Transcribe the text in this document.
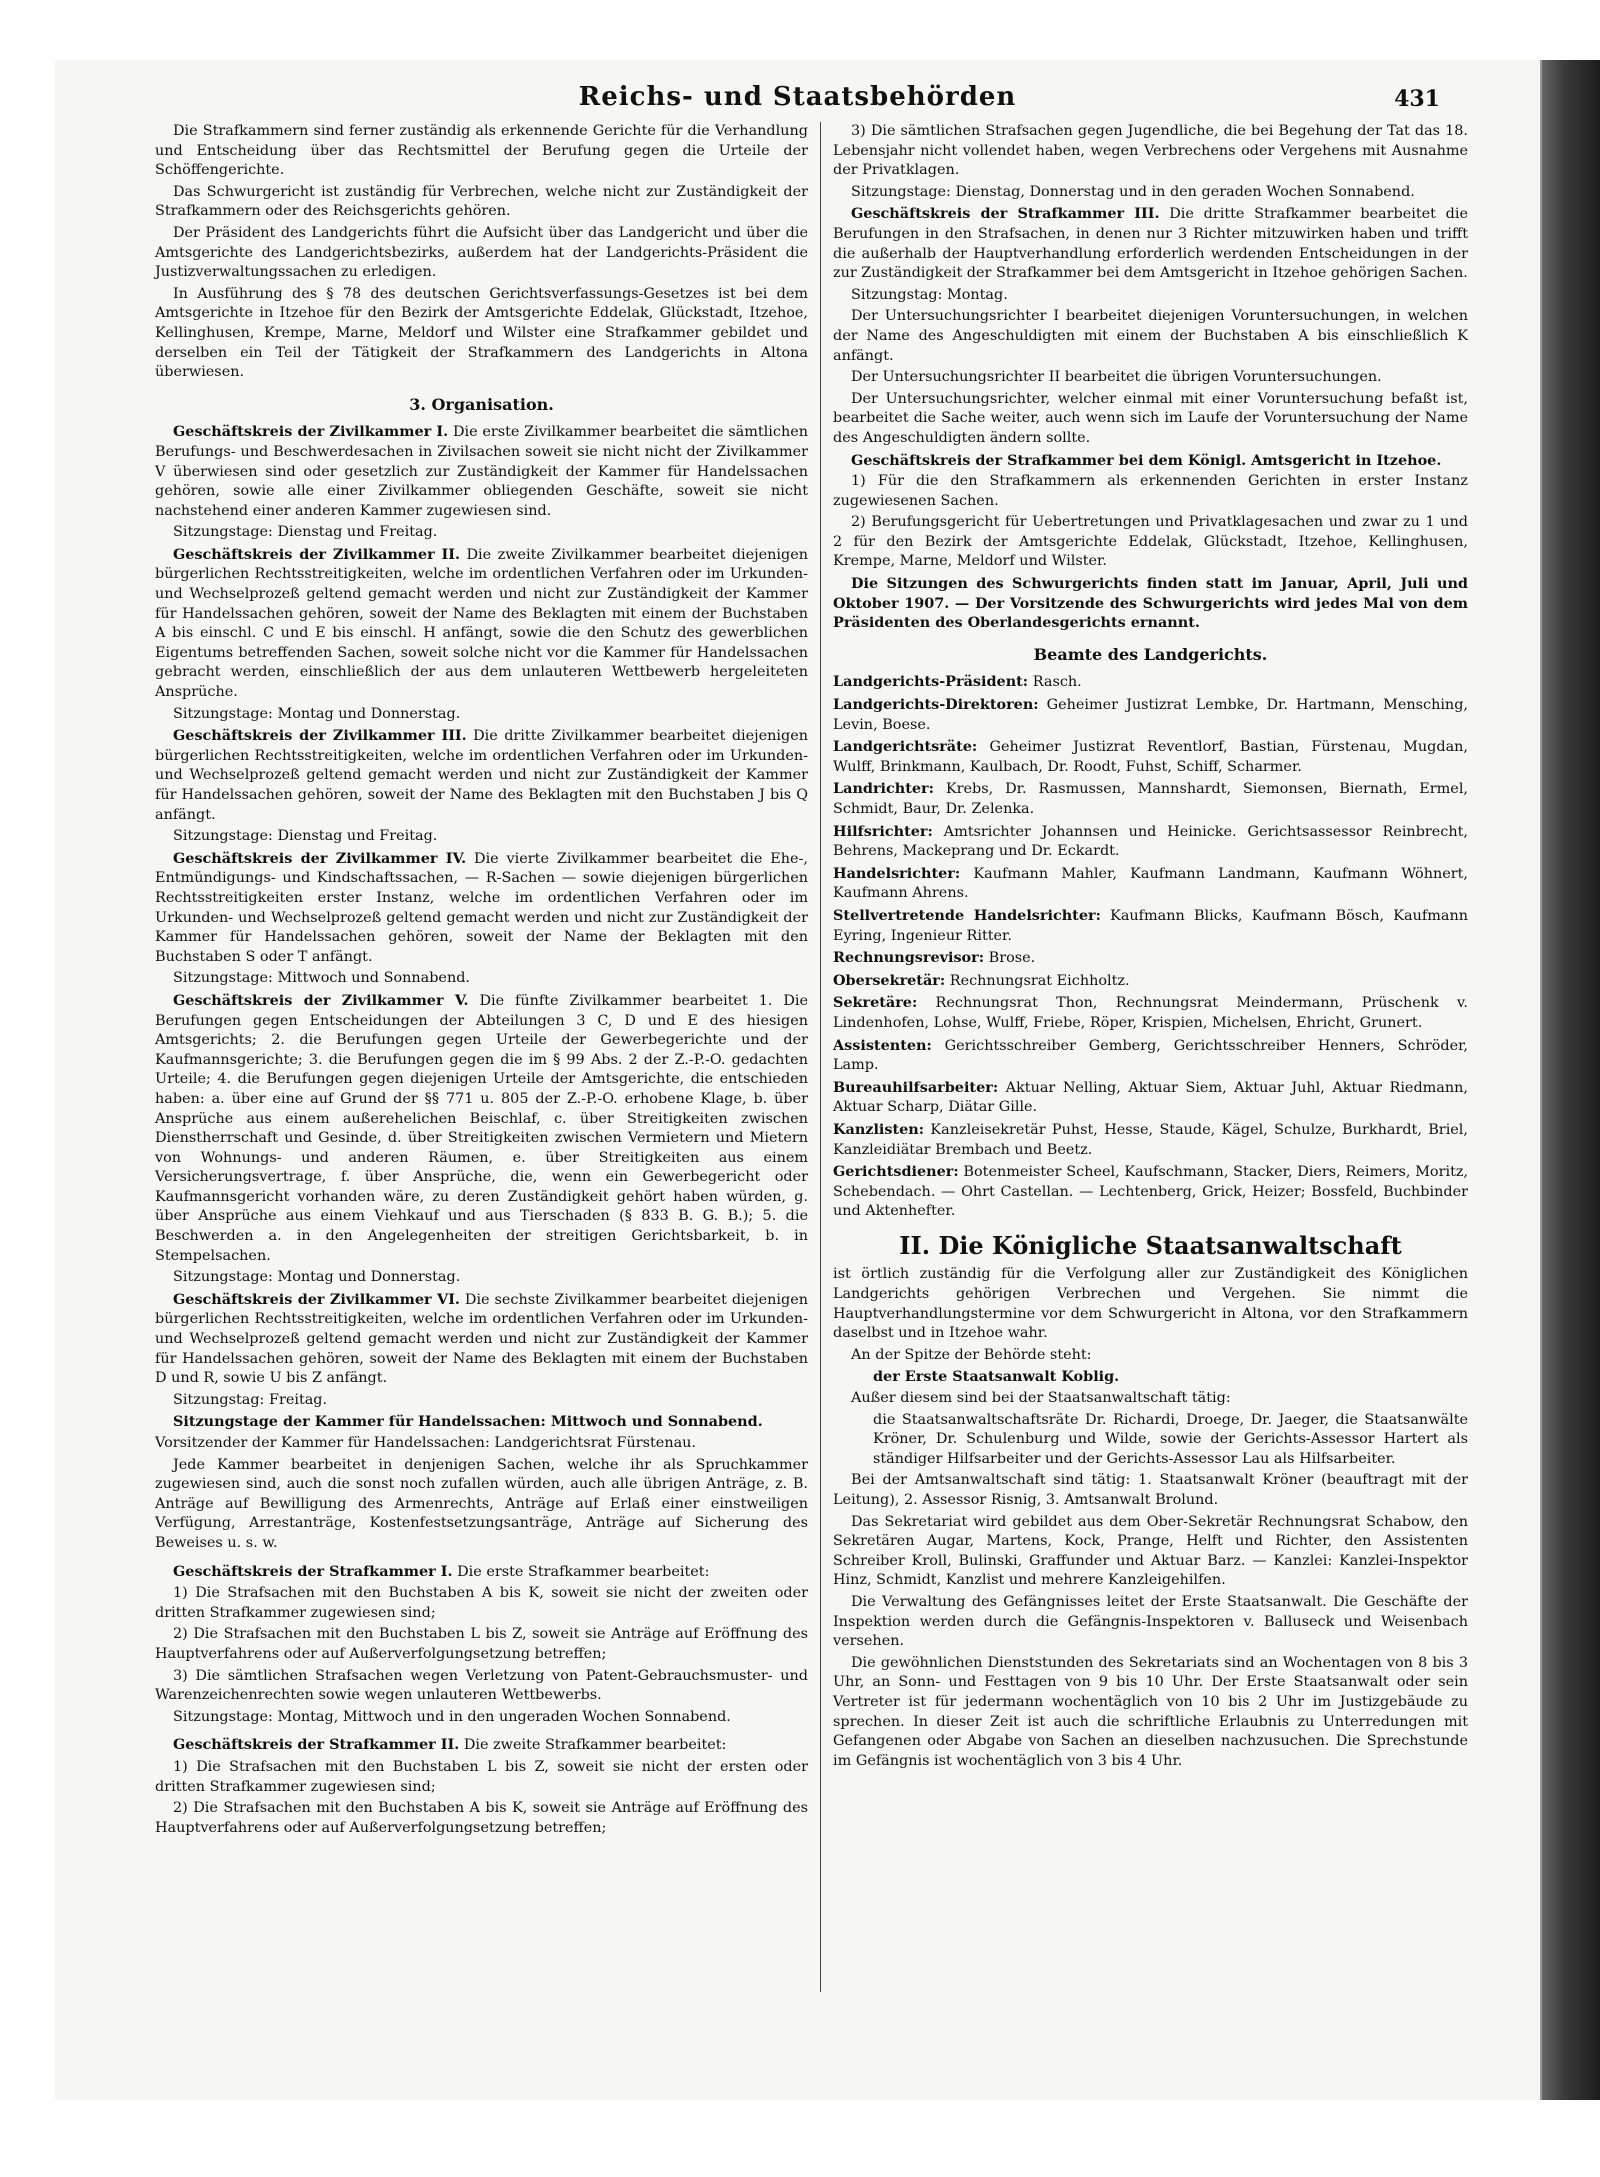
Reichs- und Staatsbehörden	431

Die Strafkammern sind ferner zuständig als erkennende Gerichte für die Verhandlung und Entscheidung über das Rechtsmittel der Berufung gegen die Urteile der Schöffengerichte.

Das Schwurgericht ist zuständig für Verbrechen, welche nicht zur Zuständigkeit der Strafkammern oder des Reichsgerichts gehören.

Der Präsident des Landgerichts führt die Aufsicht über das Landgericht und über die Amtsgerichte des Landgerichtsbezirks, außerdem hat der Landgerichts-Präsident die Justizverwaltungssachen zu erledigen.

In Ausführung des § 78 des deutschen Gerichtsverfassungs-Gesetzes ist bei dem Amtsgerichte in Itzehoe für den Bezirk der Amtsgerichte Eddelak, Glückstadt, Itzehoe, Kellinghusen, Krempe, Marne, Meldorf und Wilster eine Strafkammer gebildet und derselben ein Teil der Tätigkeit der Strafkammern des Landgerichts in Altona überwiesen.

3. Organisation.

Geschäftskreis der Zivilkammer I. Die erste Zivilkammer bearbeitet die sämtlichen Berufungs- und Beschwerdesachen in Zivilsachen soweit sie nicht nicht der Zivilkammer V überwiesen sind oder gesetzlich zur Zuständigkeit der Kammer für Handelssachen gehören, sowie alle einer Zivilkammer obliegenden Geschäfte, soweit sie nicht nachstehend einer anderen Kammer zugewiesen sind.

Sitzungstage: Dienstag und Freitag.

Geschäftskreis der Zivilkammer II. Die zweite Zivilkammer bearbeitet diejenigen bürgerlichen Rechtsstreitigkeiten, welche im ordentlichen Verfahren oder im Urkunden- und Wechselprozeß geltend gemacht werden und nicht zur Zuständigkeit der Kammer für Handelssachen gehören, soweit der Name des Beklagten mit einem der Buchstaben A bis einschl. C und E bis einschl. H anfängt, sowie die den Schutz des gewerblichen Eigentums betreffenden Sachen, soweit solche nicht vor die Kammer für Handelssachen gebracht werden, einschließlich der aus dem unlauteren Wettbewerb hergeleiteten Ansprüche.

Sitzungstage: Montag und Donnerstag.

Geschäftskreis der Zivilkammer III. Die dritte Zivilkammer bearbeitet diejenigen bürgerlichen Rechtsstreitigkeiten, welche im ordentlichen Verfahren oder im Urkunden- und Wechselprozeß geltend gemacht werden und nicht zur Zuständigkeit der Kammer für Handelssachen gehören, soweit der Name des Beklagten mit den Buchstaben J bis Q anfängt.

Sitzungstage: Dienstag und Freitag.

Geschäftskreis der Zivilkammer IV. Die vierte Zivilkammer bearbeitet die Ehe-, Entmündigungs- und Kindschaftssachen, — R-Sachen — sowie diejenigen bürgerlichen Rechtsstreitigkeiten erster Instanz, welche im ordentlichen Verfahren oder im Urkunden- und Wechselprozeß geltend gemacht werden und nicht zur Zuständigkeit der Kammer für Handelssachen gehören, soweit der Name der Beklagten mit den Buchstaben S oder T anfängt.

Sitzungstage: Mittwoch und Sonnabend.

Geschäftskreis der Zivilkammer V. Die fünfte Zivilkammer bearbeitet 1. Die Berufungen gegen Entscheidungen der Abteilungen 3 C, D und E des hiesigen Amtsgerichts; 2. die Berufungen gegen Urteile der Gewerbegerichte und der Kaufmannsgerichte; 3. die Berufungen gegen die im § 99 Abs. 2 der Z.-P.-O. gedachten Urteile; 4. die Berufungen gegen diejenigen Urteile der Amtsgerichte, die entschieden haben: a. über eine auf Grund der §§ 771 u. 805 der Z.-P.-O. erhobene Klage, b. über Ansprüche aus einem außerehelichen Beischlaf, c. über Streitigkeiten zwischen Dienstherrschaft und Gesinde, d. über Streitigkeiten zwischen Vermietern und Mietern von Wohnungs- und anderen Räumen, e. über Streitigkeiten aus einem Versicherungsvertrage, f. über Ansprüche, die, wenn ein Gewerbegericht oder Kaufmannsgericht vorhanden wäre, zu deren Zuständigkeit gehört haben würden, g. über Ansprüche aus einem Viehkauf und aus Tierschaden (§ 833 B. G. B.); 5. die Beschwerden a. in den Angelegenheiten der streitigen Gerichtsbarkeit, b. in Stempelsachen.

Sitzungstage: Montag und Donnerstag.

Geschäftskreis der Zivilkammer VI. Die sechste Zivilkammer bearbeitet diejenigen bürgerlichen Rechtsstreitigkeiten, welche im ordentlichen Verfahren oder im Urkunden- und Wechselprozeß geltend gemacht werden und nicht zur Zuständigkeit der Kammer für Handelssachen gehören, soweit der Name des Beklagten mit einem der Buchstaben D und R, sowie U bis Z anfängt.

Sitzungstag: Freitag.

Sitzungstage der Kammer für Handelssachen: Mittwoch und Sonnabend.

Vorsitzender der Kammer für Handelssachen: Landgerichtsrat Fürstenau.

Jede Kammer bearbeitet in denjenigen Sachen, welche ihr als Spruchkammer zugewiesen sind, auch die sonst noch zufallen würden, auch alle übrigen Anträge, z. B. Anträge auf Bewilligung des Armenrechts, Anträge auf Erlaß einer einstweiligen Verfügung, Arrestanträge, Kostenfestsetzungsanträge, Anträge auf Sicherung des Beweises u. s. w.

Geschäftskreis der Strafkammer I. Die erste Strafkammer bearbeitet:

1) Die Strafsachen mit den Buchstaben A bis K, soweit sie nicht der zweiten oder dritten Strafkammer zugewiesen sind;

2) Die Strafsachen mit den Buchstaben L bis Z, soweit sie Anträge auf Eröffnung des Hauptverfahrens oder auf Außerverfolgungsetzung betreffen;

3) Die sämtlichen Strafsachen wegen Verletzung von Patent-Gebrauchsmuster- und Warenzeichenrechten sowie wegen unlauteren Wettbewerbs.

Sitzungstage: Montag, Mittwoch und in den ungeraden Wochen Sonnabend.

Geschäftskreis der Strafkammer II. Die zweite Strafkammer bearbeitet:

1) Die Strafsachen mit den Buchstaben L bis Z, soweit sie nicht der ersten oder dritten Strafkammer zugewiesen sind;

2) Die Strafsachen mit den Buchstaben A bis K, soweit sie Anträge auf Eröffnung des Hauptverfahrens oder auf Außerverfolgungsetzung betreffen;

3) Die sämtlichen Strafsachen gegen Jugendliche, die bei Begehung der Tat das 18. Lebensjahr nicht vollendet haben, wegen Verbrechens oder Vergehens mit Ausnahme der Privatklagen.

Sitzungstage: Dienstag, Donnerstag und in den geraden Wochen Sonnabend.

Geschäftskreis der Strafkammer III. Die dritte Strafkammer bearbeitet die Berufungen in den Strafsachen, in denen nur 3 Richter mitzuwirken haben und trifft die außerhalb der Hauptverhandlung erforderlich werdenden Entscheidungen in der zur Zuständigkeit der Strafkammer bei dem Amtsgericht in Itzehoe gehörigen Sachen.

Sitzungstag: Montag.

Der Untersuchungsrichter I bearbeitet diejenigen Voruntersuchungen, in welchen der Name des Angeschuldigten mit einem der Buchstaben A bis einschließlich K anfängt.

Der Untersuchungsrichter II bearbeitet die übrigen Voruntersuchungen.

Der Untersuchungsrichter, welcher einmal mit einer Voruntersuchung befaßt ist, bearbeitet die Sache weiter, auch wenn sich im Laufe der Voruntersuchung der Name des Angeschuldigten ändern sollte.

Geschäftskreis der Strafkammer bei dem Königl. Amtsgericht in Itzehoe.

1) Für die den Strafkammern als erkennenden Gerichten in erster Instanz zugewiesenen Sachen.

2) Berufungsgericht für Uebertretungen und Privatklagesachen und zwar zu 1 und 2 für den Bezirk der Amtsgerichte Eddelak, Glückstadt, Itzehoe, Kellinghusen, Krempe, Marne, Meldorf und Wilster.

Die Sitzungen des Schwurgerichts finden statt im Januar, April, Juli und Oktober 1907. — Der Vorsitzende des Schwurgerichts wird jedes Mal von dem Präsidenten des Oberlandesgerichts ernannt.

Beamte des Landgerichts.

Landgerichts-Präsident: Rasch.

Landgerichts-Direktoren: Geheimer Justizrat Lembke, Dr. Hartmann, Mensching, Levin, Boese.

Landgerichtsräte: Geheimer Justizrat Reventlorf, Bastian, Fürstenau, Mugdan, Wulff, Brinkmann, Kaulbach, Dr. Roodt, Fuhst, Schiff, Scharmer.

Landrichter: Krebs, Dr. Rasmussen, Mannshardt, Siemonsen, Biernath, Ermel, Schmidt, Baur, Dr. Zelenka.

Hilfsrichter: Amtsrichter Johannsen und Heinicke. Gerichtsassessor Reinbrecht, Behrens, Mackeprang und Dr. Eckardt.

Handelsrichter: Kaufmann Mahler, Kaufmann Landmann, Kaufmann Wöhnert, Kaufmann Ahrens.

Stellvertretende Handelsrichter: Kaufmann Blicks, Kaufmann Bösch, Kaufmann Eyring, Ingenieur Ritter.

Rechnungsrevisor: Brose.

Obersekretär: Rechnungsrat Eichholtz.

Sekretäre: Rechnungsrat Thon, Rechnungsrat Meindermann, Prüschenk v. Lindenhofen, Lohse, Wulff, Friebe, Röper, Krispien, Michelsen, Ehricht, Grunert.

Assistenten: Gerichtsschreiber Gemberg, Gerichtsschreiber Henners, Schröder, Lamp.

Bureauhilfsarbeiter: Aktuar Nelling, Aktuar Siem, Aktuar Juhl, Aktuar Riedmann, Aktuar Scharp, Diätar Gille.

Kanzlisten: Kanzleisekretär Puhst, Hesse, Staude, Kägel, Schulze, Burkhardt, Briel, Kanzleidiätar Brembach und Beetz.

Gerichtsdiener: Botenmeister Scheel, Kaufschmann, Stacker, Diers, Reimers, Moritz, Schebendach. — Ohrt Castellan. — Lechtenberg, Grick, Heizer; Bossfeld, Buchbinder und Aktenhefter.

II. Die Königliche Staatsanwaltschaft

ist örtlich zuständig für die Verfolgung aller zur Zuständigkeit des Königlichen Landgerichts gehörigen Verbrechen und Vergehen. Sie nimmt die Hauptverhandlungstermine vor dem Schwurgericht in Altona, vor den Strafkammern daselbst und in Itzehoe wahr.

An der Spitze der Behörde steht:

der Erste Staatsanwalt Koblig.

Außer diesem sind bei der Staatsanwaltschaft tätig:

die Staatsanwaltschaftsräte Dr. Richardi, Droege, Dr. Jaeger, die Staatsanwälte Kröner, Dr. Schulenburg und Wilde, sowie der Gerichts-Assessor Hartert als ständiger Hilfsarbeiter und der Gerichts-Assessor Lau als Hilfsarbeiter.

Bei der Amtsanwaltschaft sind tätig: 1. Staatsanwalt Kröner (beauftragt mit der Leitung), 2. Assessor Risnig, 3. Amtsanwalt Brolund.

Das Sekretariat wird gebildet aus dem Ober-Sekretär Rechnungsrat Schabow, den Sekretären Augar, Martens, Kock, Prange, Helft und Richter, den Assistenten Schreiber Kroll, Bulinski, Graffunder und Aktuar Barz. — Kanzlei: Kanzlei-Inspektor Hinz, Schmidt, Kanzlist und mehrere Kanzleigehilfen.

Die Verwaltung des Gefängnisses leitet der Erste Staatsanwalt. Die Geschäfte der Inspektion werden durch die Gefängnis-Inspektoren v. Balluseck und Weisenbach versehen.

Die gewöhnlichen Dienststunden des Sekretariats sind an Wochentagen von 8 bis 3 Uhr, an Sonn- und Festtagen von 9 bis 10 Uhr. Der Erste Staatsanwalt oder sein Vertreter ist für jedermann wochentäglich von 10 bis 2 Uhr im Justizgebäude zu sprechen. In dieser Zeit ist auch die schriftliche Erlaubnis zu Unterredungen mit Gefangenen oder Abgabe von Sachen an dieselben nachzusuchen. Die Sprechstunde im Gefängnis ist wochentäglich von 3 bis 4 Uhr.
